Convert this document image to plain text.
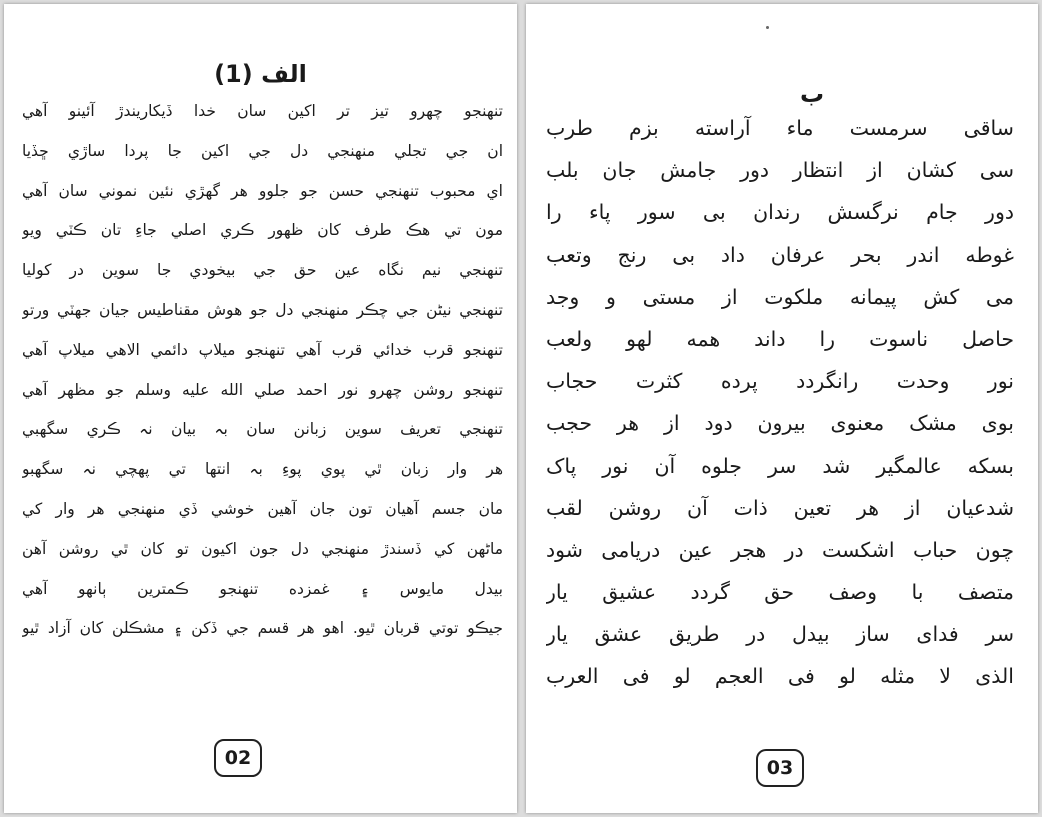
الف (1)
تنهنجو چهرو تيز تر اکين سان خدا ڏيکاريندڙ آئينو آهي
ان جي تجلي منهنجي دل جي اکين جا پردا ساڙي ڇڏيا
اي محبوب تنهنجي حسن جو جلوو هر گهڙي نئين نموني سان آهي
مون تي هڪ طرف کان ظهور ڪري اصلي جاءِ تان ڪٽي ويو
تنهنجي نيم نگاه عين حق جي بيخودي جا سوين در کوليا
تنهنجي نيڻن جي چڪر منهنجي دل جو هوش مقناطيس جيان جهٽي ورتو
تنهنجو قرب خدائي قرب آهي تنهنجو ميلاپ دائمي الاهي ميلاپ آهي
تنهنجو روشن چهرو نور احمد صلي الله عليه وسلم جو مظهر آهي
تنهنجي تعريف سوين زبانن سان بہ بيان نہ ڪري سگهبي
هر وار زبان ٿي پوي پوءِ بہ انتها تي پهچي نہ سگهبو
مان جسم آهيان تون جان آهين خوشي ڏي منهنجي هر وار کي
ماڻهن کي ڏسندڙ منهنجي دل جون اکيون تو کان ٿي روشن آهن
بيدل مايوس ۽ غمزده تنهنجو ڪمترين ٻانهو آهي
جيڪو توتي قربان ٿيو. اهو هر قسم جي ڏکن ۽ مشڪلن کان آزاد ٿيو
02
ب
ساقی سرمست ماء آراسته بزم طرب
سی کشان از انتظار دور جامش جان بلب
دور جام نرگسش رندان بی سور پاء را
غوطه اندر بحر عرفان داد بی رنج وتعب
می کش پیمانه ملکوت از مستی و وجد
حاصل ناسوت را داند همه لهو ولعب
نور وحدت رانگردد پرده کثرت حجاب
بوی مشک معنوی بیرون دود از هر حجب
بسکه عالمگیر شد سر جلوه آن نور پاک
شدعیان از هر تعین ذات آن روشن لقب
چون حباب اشکست در هجر عین دریامی شود
متصف با وصف حق گردد عشیق یار
سر فدای ساز بیدل در طریق عشق یار
الذی لا مثله لو فی العجم لو فی العرب
03
